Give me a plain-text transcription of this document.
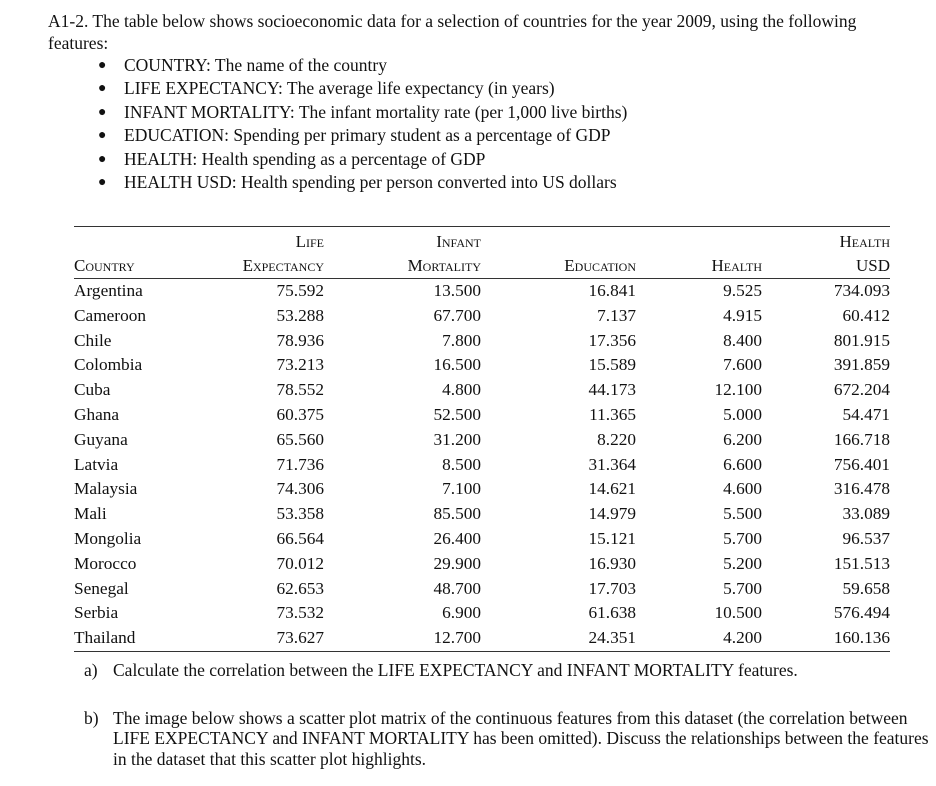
A1-2. The table below shows socioeconomic data for a selection of countries for the year 2009, using the following features:
● COUNTRY: The name of the country
● LIFE EXPECTANCY: The average life expectancy (in years)
● INFANT MORTALITY: The infant mortality rate (per 1,000 live births)
● EDUCATION: Spending per primary student as a percentage of GDP
● HEALTH: Health spending as a percentage of GDP
● HEALTH USD: Health spending per person converted into US dollars
	Life	Infant			Health
Country	Expectancy	Mortality	Education	Health	USD
Argentina	75.592	13.500	16.841	9.525	734.093
Cameroon	53.288	67.700	7.137	4.915	60.412
Chile	78.936	7.800	17.356	8.400	801.915
Colombia	73.213	16.500	15.589	7.600	391.859
Cuba	78.552	4.800	44.173	12.100	672.204
Ghana	60.375	52.500	11.365	5.000	54.471
Guyana	65.560	31.200	8.220	6.200	166.718
Latvia	71.736	8.500	31.364	6.600	756.401
Malaysia	74.306	7.100	14.621	4.600	316.478
Mali	53.358	85.500	14.979	5.500	33.089
Mongolia	66.564	26.400	15.121	5.700	96.537
Morocco	70.012	29.900	16.930	5.200	151.513
Senegal	62.653	48.700	17.703	5.700	59.658
Serbia	73.532	6.900	61.638	10.500	576.494
Thailand	73.627	12.700	24.351	4.200	160.136
a) Calculate the correlation between the LIFE EXPECTANCY and INFANT MORTALITY features.
b) The image below shows a scatter plot matrix of the continuous features from this dataset (the correlation between LIFE EXPECTANCY and INFANT MORTALITY has been omitted). Discuss the relationships between the features in the dataset that this scatter plot highlights.
